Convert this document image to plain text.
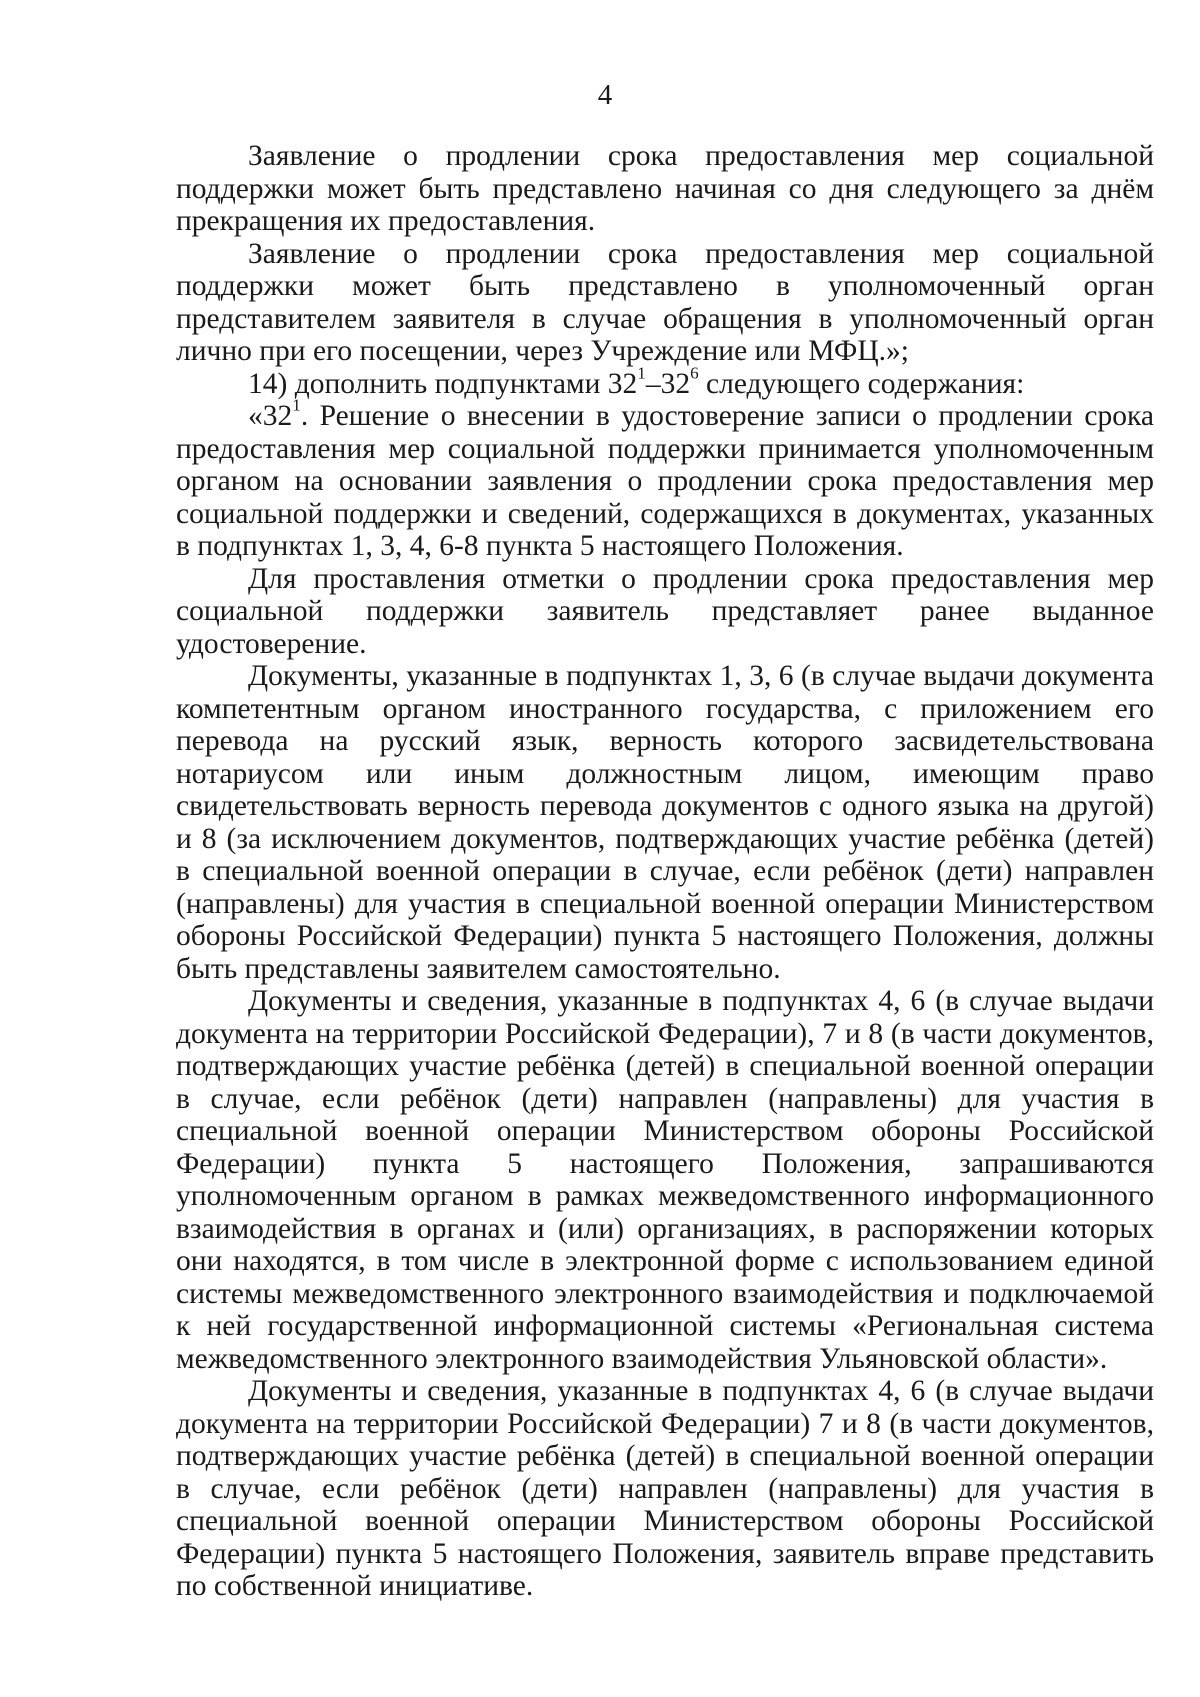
4

Заявление о продлении срока предоставления мер социальной поддержки может быть представлено начиная со дня следующего за днём прекращения их предоставления.

Заявление о продлении срока предоставления мер социальной поддержки может быть представлено в уполномоченный орган представителем заявителя в случае обращения в уполномоченный орган лично при его посещении, через Учреждение или МФЦ.»;

14) дополнить подпунктами $32^1-32^6$ следующего содержания:

«$32^1$. Решение о внесении в удостоверение записи о продлении срока предоставления мер социальной поддержки принимается уполномоченным органом на основании заявления о продлении срока предоставления мер социальной поддержки и сведений, содержащихся в документах, указанных в подпунктах 1, 3, 4, 6-8 пункта 5 настоящего Положения.

Для проставления отметки о продлении срока предоставления мер социальной поддержки заявитель представляет ранее выданное удостоверение.

Документы, указанные в подпунктах 1, 3, 6 (в случае выдачи документа компетентным органом иностранного государства, с приложением его перевода на русский язык, верность которого засвидетельствована нотариусом или иным должностным лицом, имеющим право свидетельствовать верность перевода документов с одного языка на другой) и 8 (за исключением документов, подтверждающих участие ребёнка (детей) в специальной военной операции в случае, если ребёнок (дети) направлен (направлены) для участия в специальной военной операции Министерством обороны Российской Федерации) пункта 5 настоящего Положения, должны быть представлены заявителем самостоятельно.

Документы и сведения, указанные в подпунктах 4, 6 (в случае выдачи документа на территории Российской Федерации), 7 и 8 (в части документов, подтверждающих участие ребёнка (детей) в специальной военной операции в случае, если ребёнок (дети) направлен (направлены) для участия в специальной военной операции Министерством обороны Российской Федерации) пункта 5 настоящего Положения, запрашиваются уполномоченным органом в рамках межведомственного информационного взаимодействия в органах и (или) организациях, в распоряжении которых они находятся, в том числе в электронной форме с использованием единой системы межведомственного электронного взаимодействия и подключаемой к ней государственной информационной системы «Региональная система межведомственного электронного взаимодействия Ульяновской области».

Документы и сведения, указанные в подпунктах 4, 6 (в случае выдачи документа на территории Российской Федерации) 7 и 8 (в части документов, подтверждающих участие ребёнка (детей) в специальной военной операции в случае, если ребёнок (дети) направлен (направлены) для участия в специальной военной операции Министерством обороны Российской Федерации) пункта 5 настоящего Положения, заявитель вправе представить по собственной инициативе.
